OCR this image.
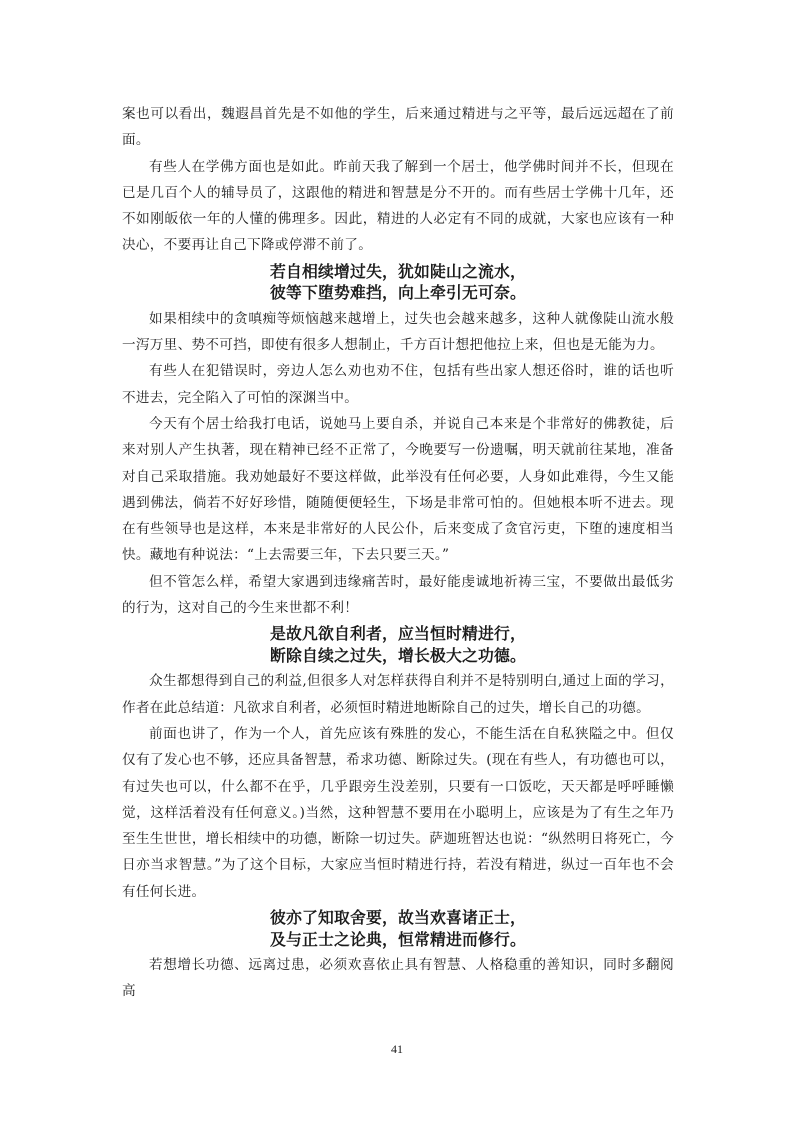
案也可以看出，魏遐昌首先是不如他的学生，后来通过精进与之平等，最后远远超在了前面。

有些人在学佛方面也是如此。昨前天我了解到一个居士，他学佛时间并不长，但现在已是几百个人的辅导员了，这跟他的精进和智慧是分不开的。而有些居士学佛十几年，还不如刚皈依一年的人懂的佛理多。因此，精进的人必定有不同的成就，大家也应该有一种决心，不要再让自己下降或停滞不前了。

若自相续增过失，犹如陡山之流水，
彼等下堕势难挡，向上牵引无可奈。

如果相续中的贪嗔痴等烦恼越来越增上，过失也会越来越多，这种人就像陡山流水般一泻万里、势不可挡，即使有很多人想制止，千方百计想把他拉上来，但也是无能为力。

有些人在犯错误时，旁边人怎么劝也劝不住，包括有些出家人想还俗时，谁的话也听不进去，完全陷入了可怕的深渊当中。

今天有个居士给我打电话，说她马上要自杀，并说自己本来是个非常好的佛教徒，后来对别人产生执著，现在精神已经不正常了，今晚要写一份遗嘱，明天就前往某地，准备对自己采取措施。我劝她最好不要这样做，此举没有任何必要，人身如此难得，今生又能遇到佛法，倘若不好好珍惜，随随便便轻生，下场是非常可怕的。但她根本听不进去。现在有些领导也是这样，本来是非常好的人民公仆，后来变成了贪官污吏，下堕的速度相当快。藏地有种说法：“上去需要三年，下去只要三天。”

但不管怎么样，希望大家遇到违缘痛苦时，最好能虔诚地祈祷三宝，不要做出最低劣的行为，这对自己的今生来世都不利！

是故凡欲自利者，应当恒时精进行，
断除自续之过失，增长极大之功德。

众生都想得到自己的利益,但很多人对怎样获得自利并不是特别明白,通过上面的学习，作者在此总结道：凡欲求自利者，必须恒时精进地断除自己的过失，增长自己的功德。

前面也讲了，作为一个人，首先应该有殊胜的发心，不能生活在自私狭隘之中。但仅仅有了发心也不够，还应具备智慧，希求功德、断除过失。(现在有些人，有功德也可以，有过失也可以，什么都不在乎，几乎跟旁生没差别，只要有一口饭吃，天天都是呼呼睡懒觉，这样活着没有任何意义。)当然，这种智慧不要用在小聪明上，应该是为了有生之年乃至生生世世，增长相续中的功德，断除一切过失。萨迦班智达也说：“纵然明日将死亡，今日亦当求智慧。”为了这个目标，大家应当恒时精进行持，若没有精进，纵过一百年也不会有任何长进。

彼亦了知取舍要，故当欢喜诸正士，
及与正士之论典，恒常精进而修行。

若想增长功德、远离过患，必须欢喜依止具有智慧、人格稳重的善知识，同时多翻阅高

41
